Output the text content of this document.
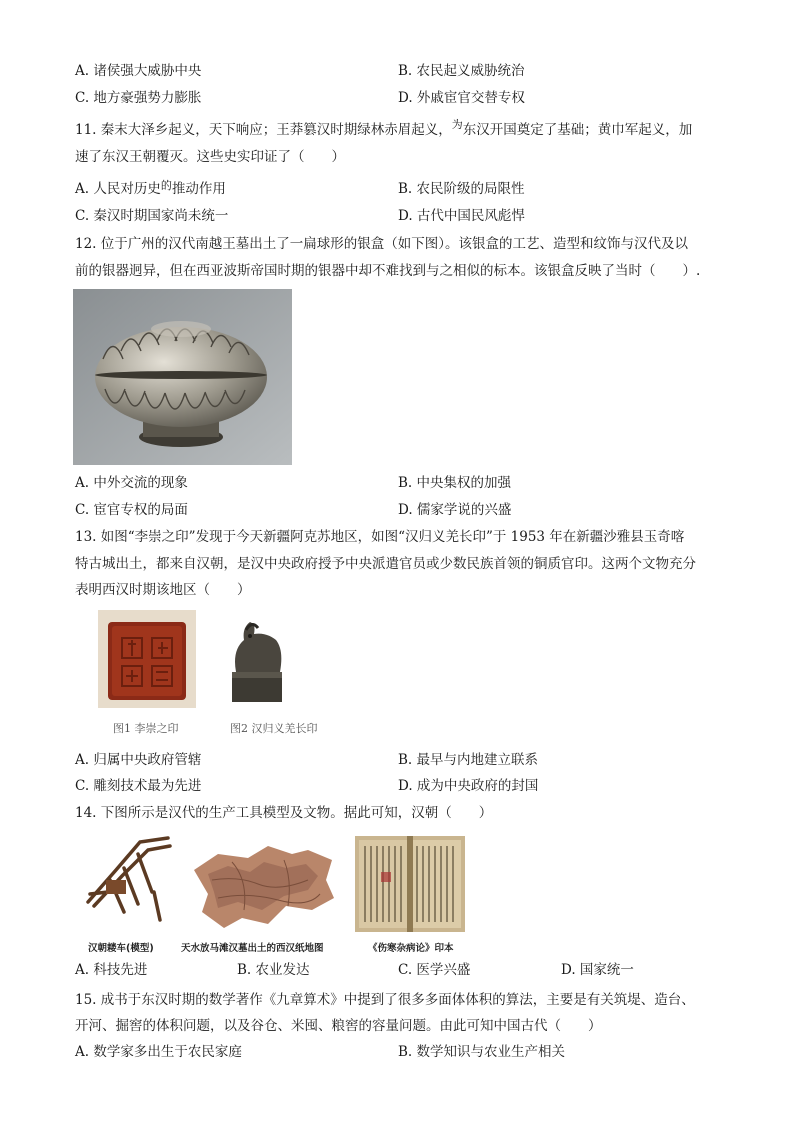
A. 诸侯强大威胁中央	B. 农民起义威胁统治
C. 地方豪强势力膨胀	D. 外戚宦官交替专权
11. 秦末大泽乡起义，天下响应；王莽篡汉时期绿林赤眉起义，$^为$东汉开国奠定了基础；黄巾军起义，加
速了东汉王朝覆灭。这些史实印证了（　　）
A. 人民对历史$^的$推动作用	B. 农民阶级的局限性
C. 秦汉时期国家尚未统一	D. 古代中国民风彪悍
12. 位于广州的汉代南越王墓出土了一扁球形的银盒（如下图）。该银盒的工艺、造型和纹饰与汉代及以
前的银器迥异，但在西亚波斯帝国时期的银器中却不难找到与之相似的标本。该银盒反映了当时（　　）.
A. 中外交流的现象	B. 中央集权的加强
C. 宦官专权的局面	D. 儒家学说的兴盛
13. 如图“李崇之印”发现于今天新疆阿克苏地区，如图“汉归义羌长印”于 1953 年在新疆沙雅县玉奇喀
特古城出土，都来自汉朝，是汉中央政府授予中央派遣官员或少数民族首领的铜质官印。这两个文物充分
表明西汉时期该地区（　　）
图1 李崇之印	图2 汉归义羌长印
A. 归属中央政府管辖	B. 最早与内地建立联系
C. 雕刻技术最为先进	D. 成为中央政府的封国
14. 下图所示是汉代的生产工具模型及文物。据此可知，汉朝（　　）
汉朝耧车(模型)	天水放马滩汉墓出土的西汉纸地图	《伤寒杂病论》印本
A. 科技先进	B. 农业发达	C. 医学兴盛	D. 国家统一
15. 成书于东汉时期的数学著作《九章算术》中提到了很多多面体体积的算法，主要是有关筑堤、造台、
开河、掘窖的体积问题，以及谷仓、米囤、粮窖的容量问题。由此可知中国古代（　　）
A. 数学家多出生于农民家庭	B. 数学知识与农业生产相关
